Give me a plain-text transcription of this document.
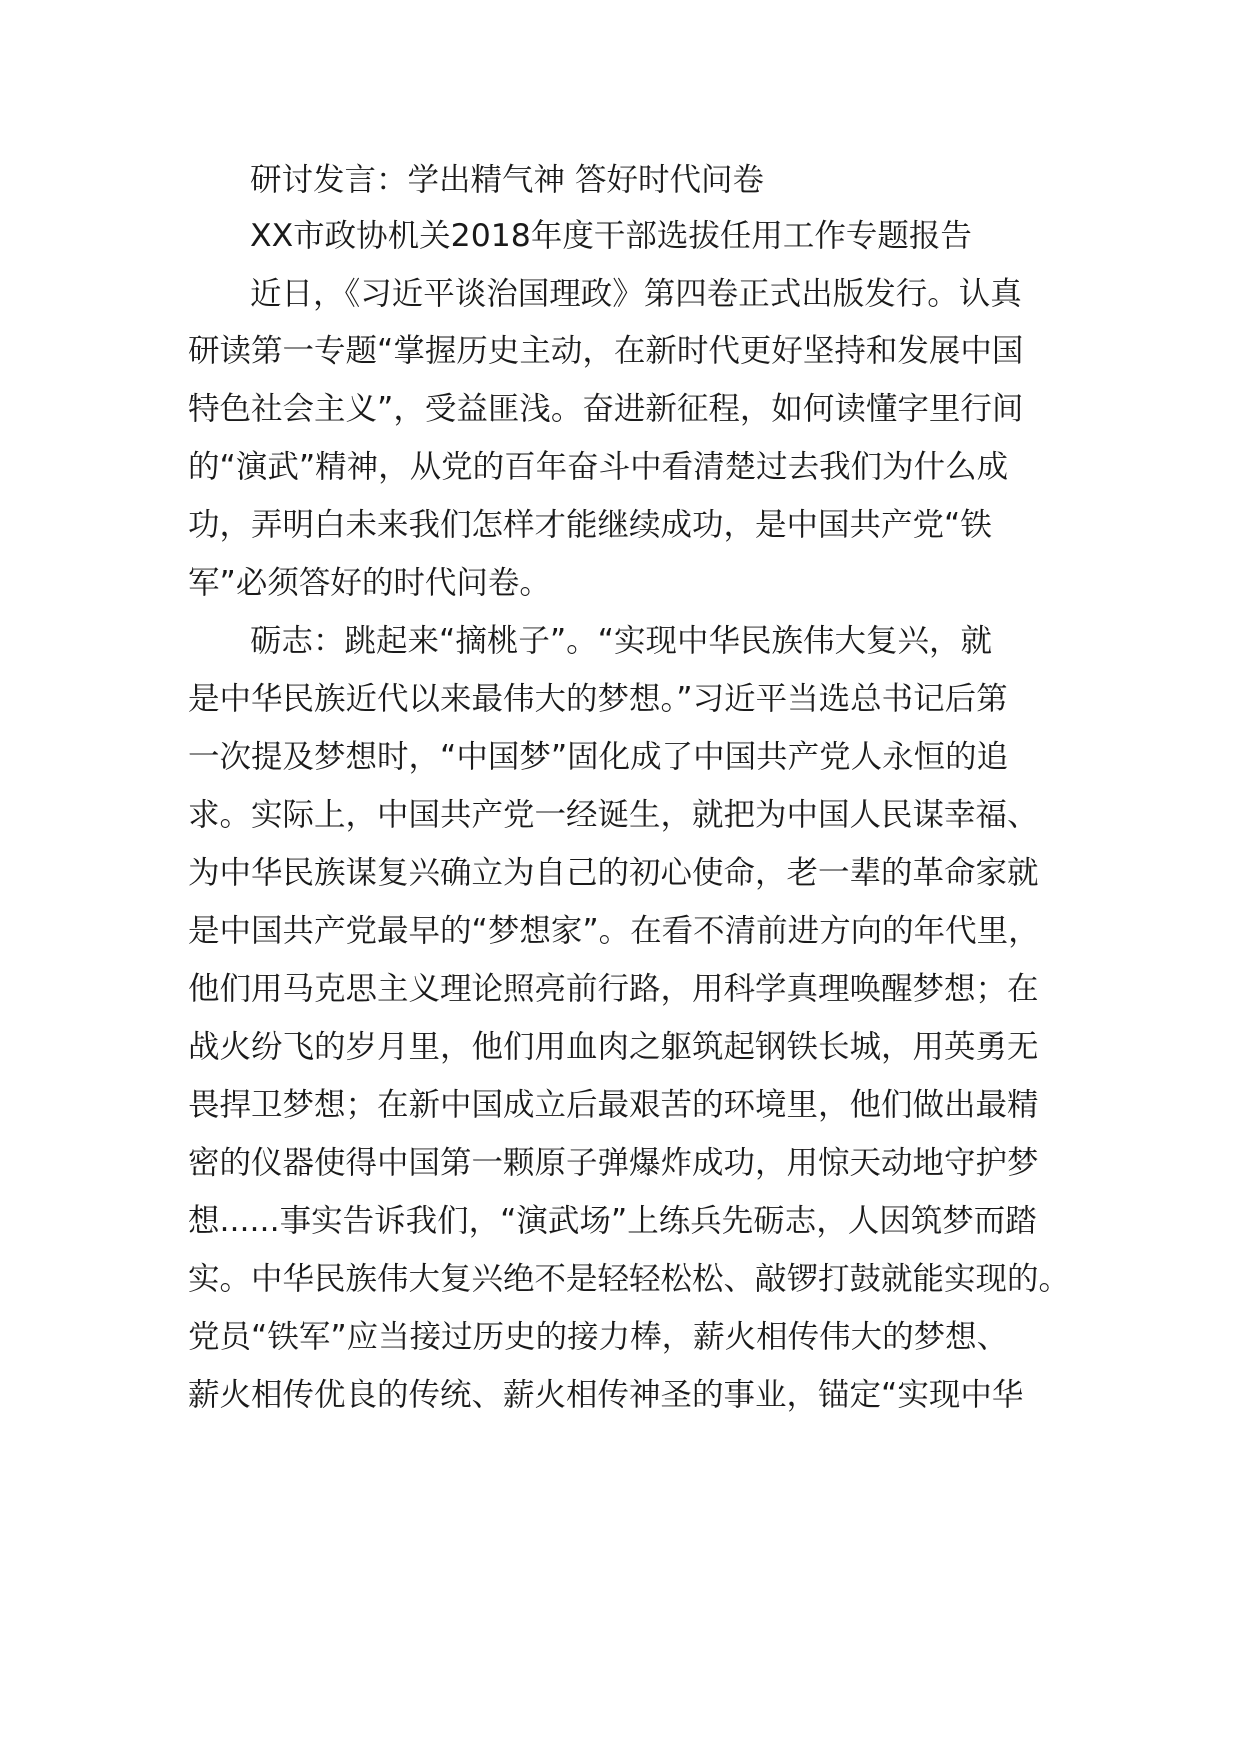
研讨发言：学出精气神 答好时代问卷
XX市政协机关2018年度干部选拔任用工作专题报告
近日，《习近平谈治国理政》第四卷正式出版发行。认真
研读第一专题“掌握历史主动，在新时代更好坚持和发展中国
特色社会主义”，受益匪浅。奋进新征程，如何读懂字里行间
的“演武”精神，从党的百年奋斗中看清楚过去我们为什么成
功，弄明白未来我们怎样才能继续成功，是中国共产党“铁
军”必须答好的时代问卷。
砺志：跳起来“摘桃子”。“实现中华民族伟大复兴，就
是中华民族近代以来最伟大的梦想。”习近平当选总书记后第
一次提及梦想时，“中国梦”固化成了中国共产党人永恒的追
求。实际上，中国共产党一经诞生，就把为中国人民谋幸福、
为中华民族谋复兴确立为自己的初心使命，老一辈的革命家就
是中国共产党最早的“梦想家”。在看不清前进方向的年代里，
他们用马克思主义理论照亮前行路，用科学真理唤醒梦想；在
战火纷飞的岁月里，他们用血肉之躯筑起钢铁长城，用英勇无
畏捍卫梦想；在新中国成立后最艰苦的环境里，他们做出最精
密的仪器使得中国第一颗原子弹爆炸成功，用惊天动地守护梦
想......事实告诉我们，“演武场”上练兵先砺志，人因筑梦而踏
实。中华民族伟大复兴绝不是轻轻松松、敲锣打鼓就能实现的。
党员“铁军”应当接过历史的接力棒，薪火相传伟大的梦想、
薪火相传优良的传统、薪火相传神圣的事业，锚定“实现中华
